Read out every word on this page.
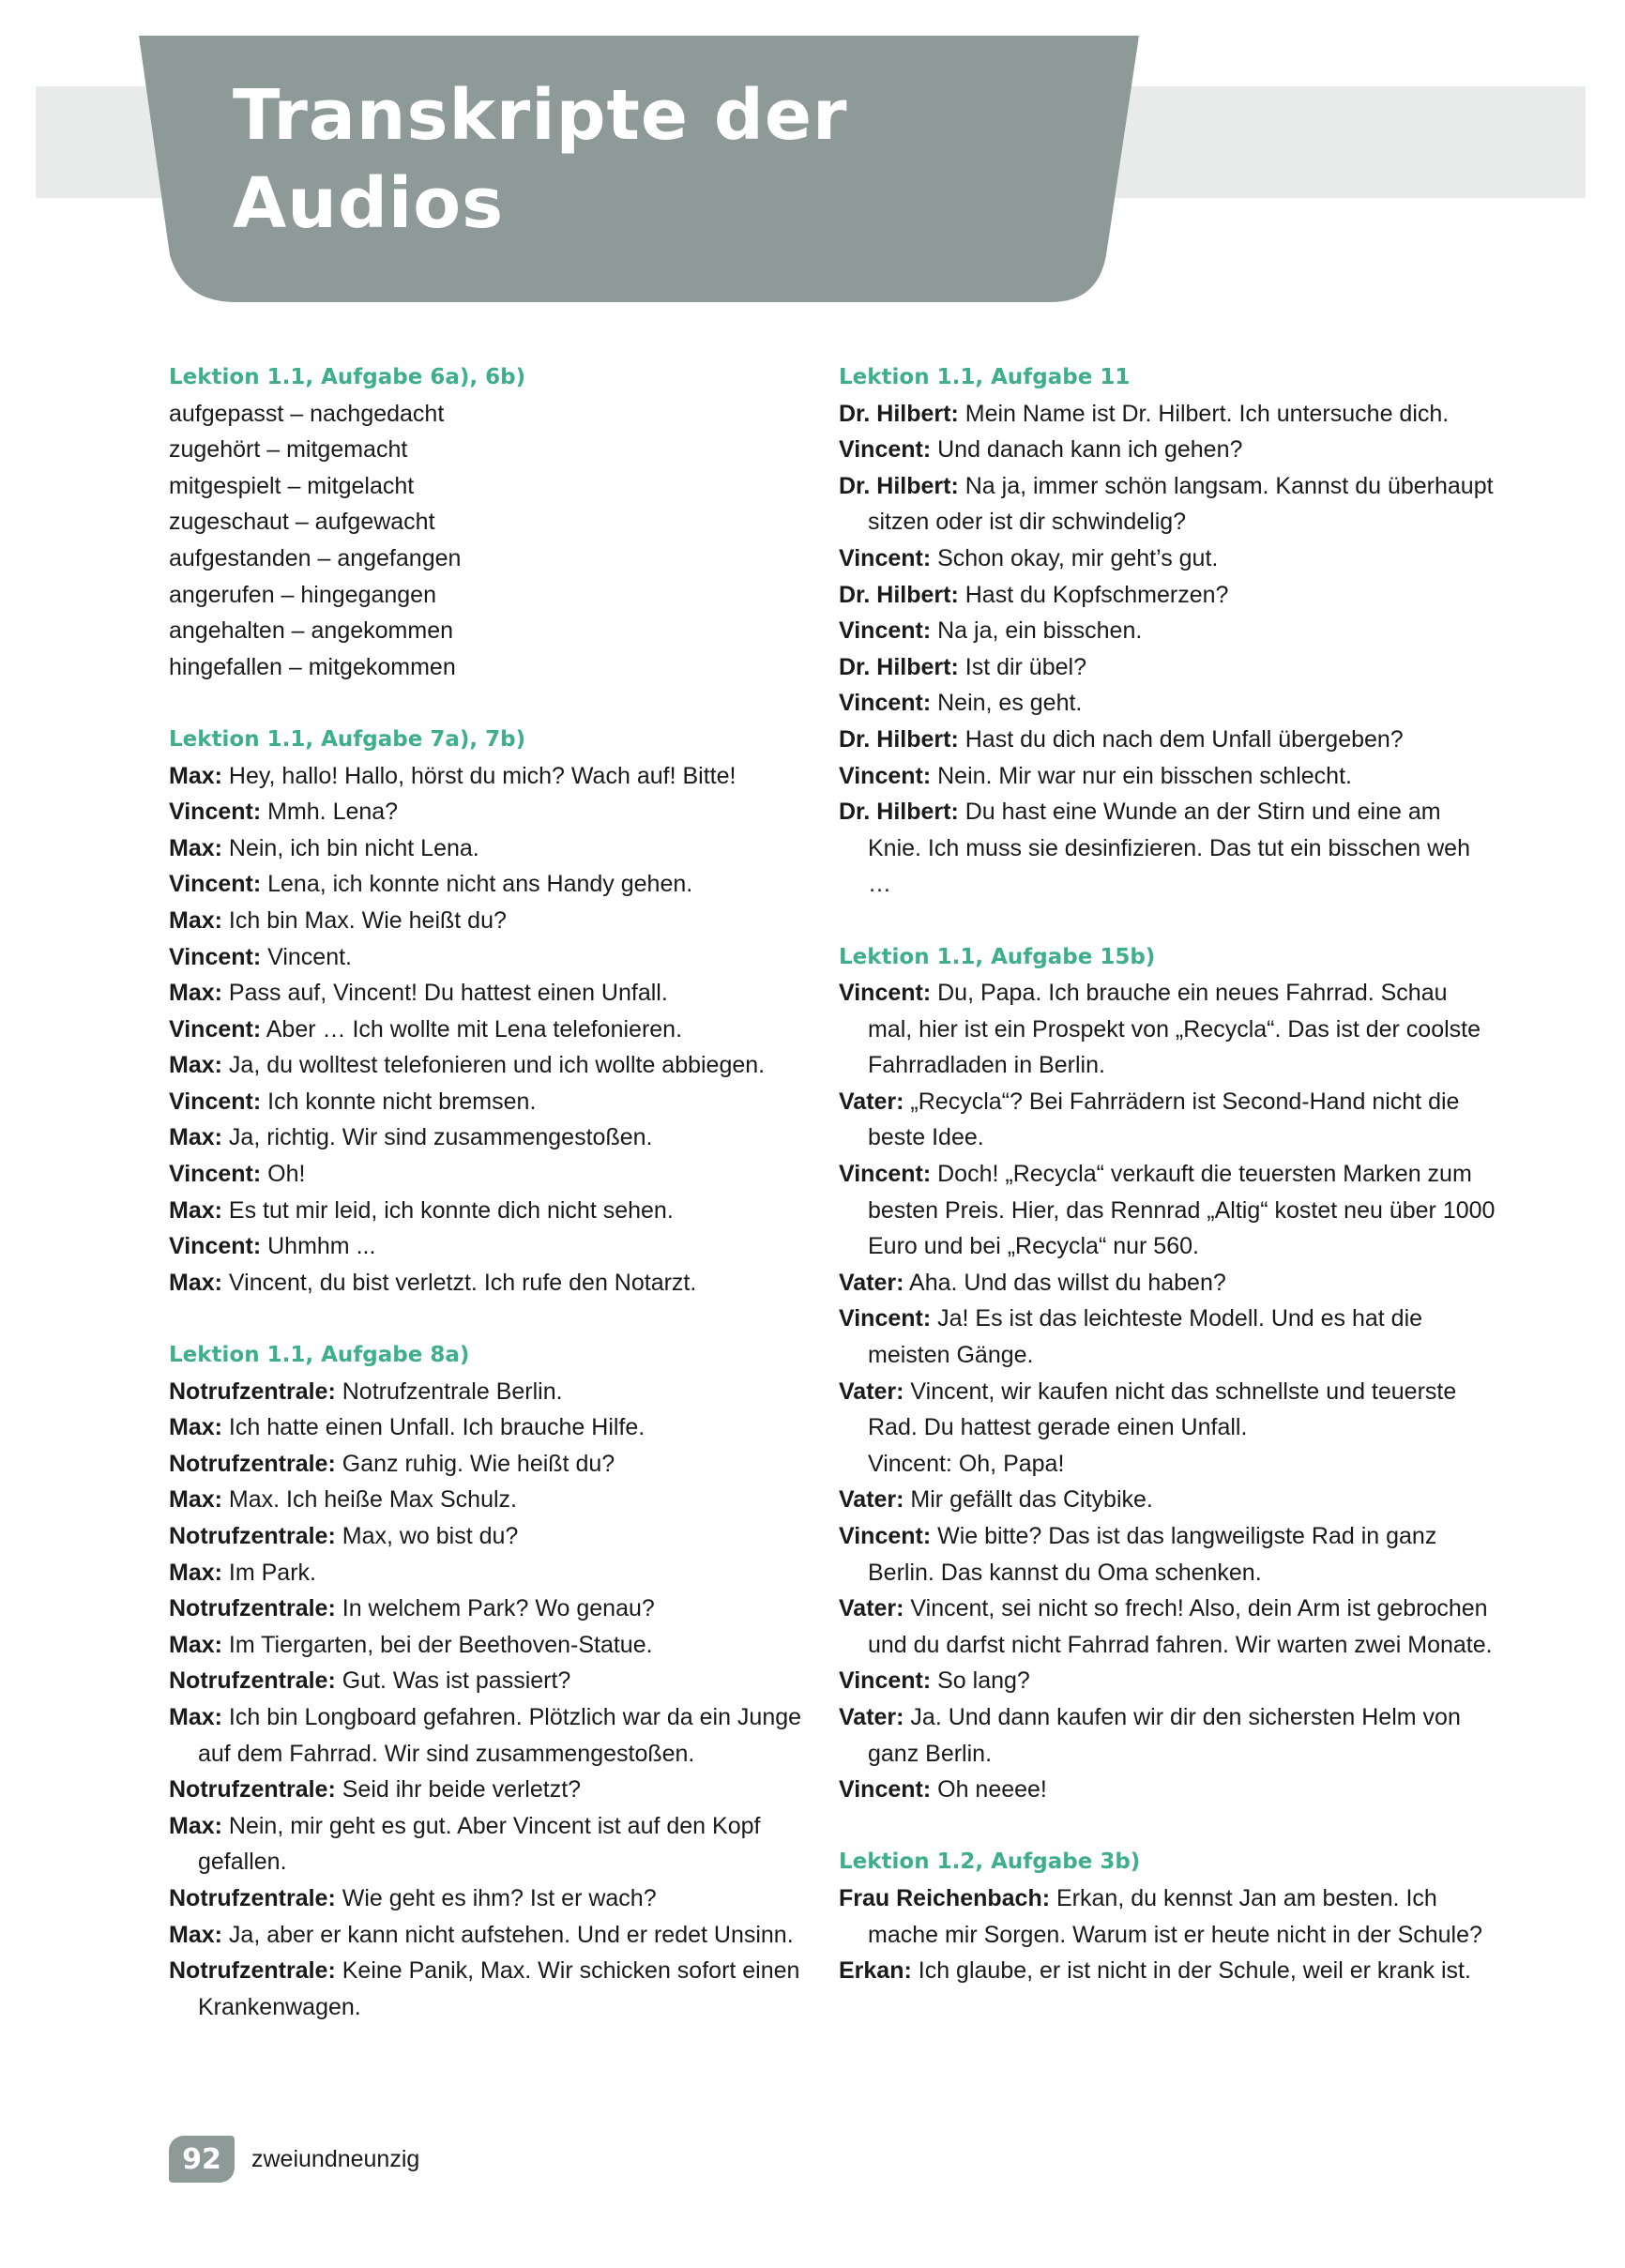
Transkripte der
Audios
Lektion 1.1, Aufgabe 6a), 6b)
aufgepasst – nachgedacht
zugehört – mitgemacht
mitgespielt – mitgelacht
zugeschaut – aufgewacht
aufgestanden – angefangen
angerufen – hingegangen
angehalten – angekommen
hingefallen – mitgekommen
Lektion 1.1, Aufgabe 7a), 7b)
Max: Hey, hallo! Hallo, hörst du mich? Wach auf! Bitte!
Vincent: Mmh. Lena?
Max: Nein, ich bin nicht Lena.
Vincent: Lena, ich konnte nicht ans Handy gehen.
Max: Ich bin Max. Wie heißt du?
Vincent: Vincent.
Max: Pass auf, Vincent! Du hattest einen Unfall.
Vincent: Aber … Ich wollte mit Lena telefonieren.
Max: Ja, du wolltest telefonieren und ich wollte abbiegen.
Vincent: Ich konnte nicht bremsen.
Max: Ja, richtig. Wir sind zusammengestoßen.
Vincent: Oh!
Max: Es tut mir leid, ich konnte dich nicht sehen.
Vincent: Uhmhm ...
Max: Vincent, du bist verletzt. Ich rufe den Notarzt.
Lektion 1.1, Aufgabe 8a)
Notrufzentrale: Notrufzentrale Berlin.
Max: Ich hatte einen Unfall. Ich brauche Hilfe.
Notrufzentrale: Ganz ruhig. Wie heißt du?
Max: Max. Ich heiße Max Schulz.
Notrufzentrale: Max, wo bist du?
Max: Im Park.
Notrufzentrale: In welchem Park? Wo genau?
Max: Im Tiergarten, bei der Beethoven-Statue.
Notrufzentrale: Gut. Was ist passiert?
Max: Ich bin Longboard gefahren. Plötzlich war da ein Junge auf dem Fahrrad. Wir sind zusammengestoßen.
Notrufzentrale: Seid ihr beide verletzt?
Max: Nein, mir geht es gut. Aber Vincent ist auf den Kopf gefallen.
Notrufzentrale: Wie geht es ihm? Ist er wach?
Max: Ja, aber er kann nicht aufstehen. Und er redet Unsinn.
Notrufzentrale: Keine Panik, Max. Wir schicken sofort einen Krankenwagen.
Lektion 1.1, Aufgabe 11
Dr. Hilbert: Mein Name ist Dr. Hilbert. Ich untersuche dich.
Vincent: Und danach kann ich gehen?
Dr. Hilbert: Na ja, immer schön langsam. Kannst du überhaupt sitzen oder ist dir schwindelig?
Vincent: Schon okay, mir geht’s gut.
Dr. Hilbert: Hast du Kopfschmerzen?
Vincent: Na ja, ein bisschen.
Dr. Hilbert: Ist dir übel?
Vincent: Nein, es geht.
Dr. Hilbert: Hast du dich nach dem Unfall übergeben?
Vincent: Nein. Mir war nur ein bisschen schlecht.
Dr. Hilbert: Du hast eine Wunde an der Stirn und eine am Knie. Ich muss sie desinfizieren. Das tut ein bisschen weh …
Lektion 1.1, Aufgabe 15b)
Vincent: Du, Papa. Ich brauche ein neues Fahrrad. Schau mal, hier ist ein Prospekt von „Recycla“. Das ist der coolste Fahrradladen in Berlin.
Vater: „Recycla“? Bei Fahrrädern ist Second-Hand nicht die beste Idee.
Vincent: Doch! „Recycla“ verkauft die teuersten Marken zum besten Preis. Hier, das Rennrad „Altig“ kostet neu über 1000 Euro und bei „Recycla“ nur 560.
Vater: Aha. Und das willst du haben?
Vincent: Ja! Es ist das leichteste Modell. Und es hat die meisten Gänge.
Vater: Vincent, wir kaufen nicht das schnellste und teuerste Rad. Du hattest gerade einen Unfall.
Vincent: Oh, Papa!
Vater: Mir gefällt das Citybike.
Vincent: Wie bitte? Das ist das langweiligste Rad in ganz Berlin. Das kannst du Oma schenken.
Vater: Vincent, sei nicht so frech! Also, dein Arm ist gebrochen und du darfst nicht Fahrrad fahren. Wir warten zwei Monate.
Vincent: So lang?
Vater: Ja. Und dann kaufen wir dir den sichersten Helm von ganz Berlin.
Vincent: Oh neeee!
Lektion 1.2, Aufgabe 3b)
Frau Reichenbach: Erkan, du kennst Jan am besten. Ich mache mir Sorgen. Warum ist er heute nicht in der Schule?
Erkan: Ich glaube, er ist nicht in der Schule, weil er krank ist.
92	zweiundneunzig
